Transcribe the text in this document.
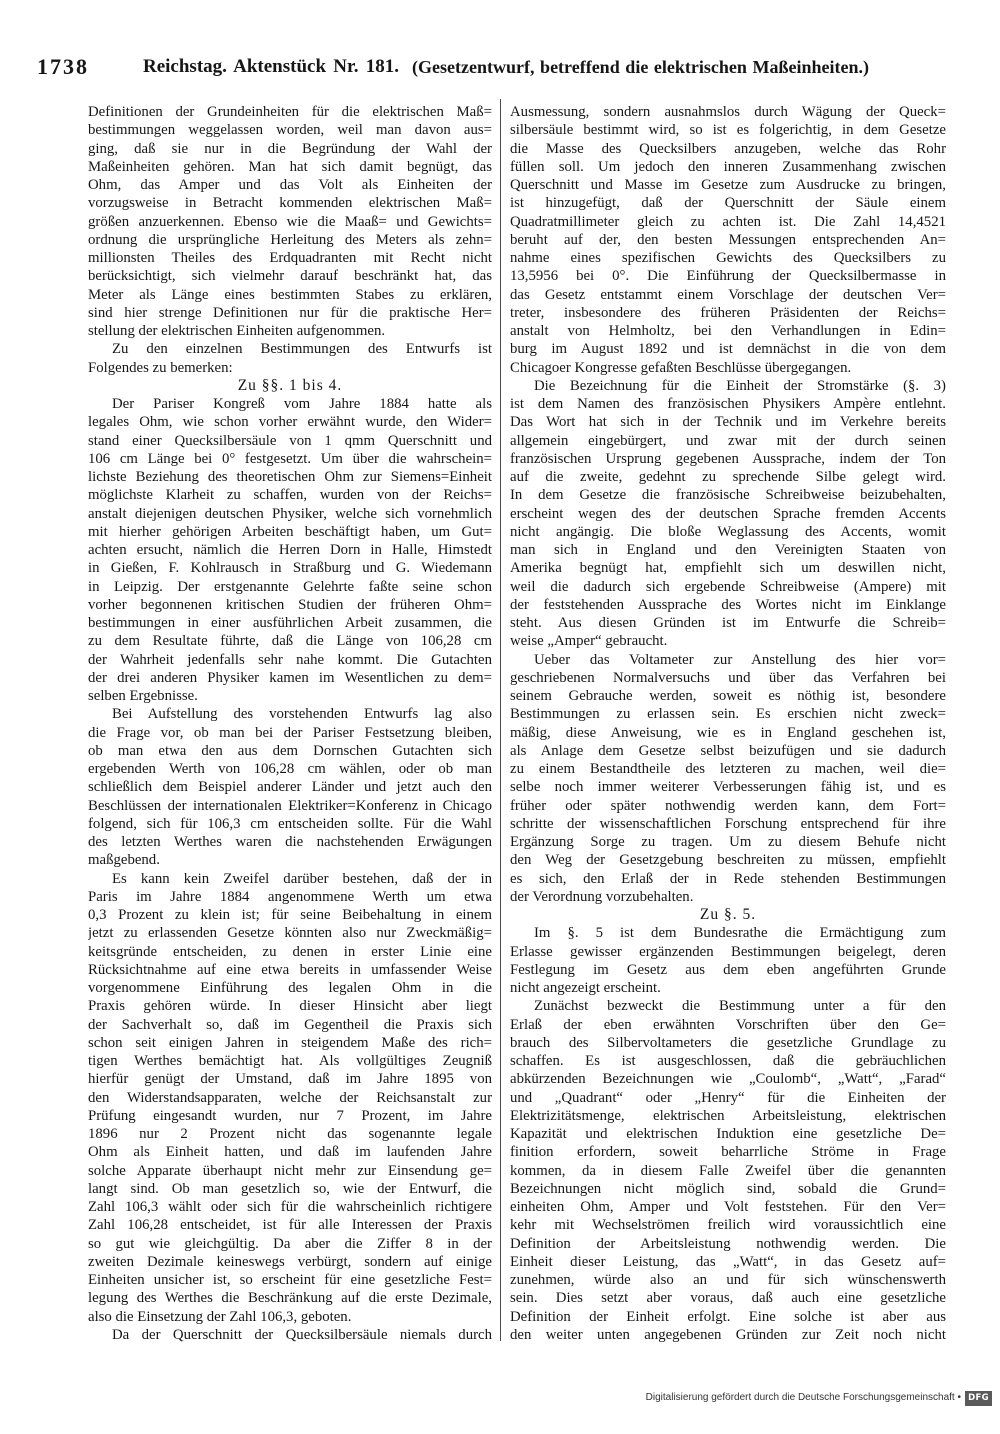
1738	Reichstag. Aktenstück Nr. 181. (Gesetzentwurf, betreffend die elektrischen Maßeinheiten.)
Definitionen der Grundeinheiten für die elektrischen Maß=
bestimmungen weggelassen worden, weil man davon aus=
ging, daß sie nur in die Begründung der Wahl der
Maßeinheiten gehören. Man hat sich damit begnügt, das
Ohm, das Amper und das Volt als Einheiten der
vorzugsweise in Betracht kommenden elektrischen Maß=
größen anzuerkennen. Ebenso wie die Maaß= und Gewichts=
ordnung die ursprüngliche Herleitung des Meters als zehn=
millionsten Theiles des Erdquadranten mit Recht nicht
berücksichtigt, sich vielmehr darauf beschränkt hat, das
Meter als Länge eines bestimmten Stabes zu erklären,
sind hier strenge Definitionen nur für die praktische Her=
stellung der elektrischen Einheiten aufgenommen.
Zu den einzelnen Bestimmungen des Entwurfs ist
Folgendes zu bemerken:
Zu §§. 1 bis 4.
Der Pariser Kongreß vom Jahre 1884 hatte als
legales Ohm, wie schon vorher erwähnt wurde, den Wider=
stand einer Quecksilbersäule von 1 qmm Querschnitt und
106 cm Länge bei 0° festgesetzt. Um über die wahrschein=
lichste Beziehung des theoretischen Ohm zur Siemens=Einheit
möglichste Klarheit zu schaffen, wurden von der Reichs=
anstalt diejenigen deutschen Physiker, welche sich vornehmlich
mit hierher gehörigen Arbeiten beschäftigt haben, um Gut=
achten ersucht, nämlich die Herren Dorn in Halle, Himstedt
in Gießen, F. Kohlrausch in Straßburg und G. Wiedemann
in Leipzig. Der erstgenannte Gelehrte faßte seine schon
vorher begonnenen kritischen Studien der früheren Ohm=
bestimmungen in einer ausführlichen Arbeit zusammen, die
zu dem Resultate führte, daß die Länge von 106,28 cm
der Wahrheit jedenfalls sehr nahe kommt. Die Gutachten
der drei anderen Physiker kamen im Wesentlichen zu dem=
selben Ergebnisse.
Bei Aufstellung des vorstehenden Entwurfs lag also
die Frage vor, ob man bei der Pariser Festsetzung bleiben,
ob man etwa den aus dem Dornschen Gutachten sich
ergebenden Werth von 106,28 cm wählen, oder ob man
schließlich dem Beispiel anderer Länder und jetzt auch den
Beschlüssen der internationalen Elektriker=Konferenz in Chicago
folgend, sich für 106,3 cm entscheiden sollte. Für die Wahl
des letzten Werthes waren die nachstehenden Erwägungen
maßgebend.
Es kann kein Zweifel darüber bestehen, daß der in
Paris im Jahre 1884 angenommene Werth um etwa
0,3 Prozent zu klein ist; für seine Beibehaltung in einem
jetzt zu erlassenden Gesetze könnten also nur Zweckmäßig=
keitsgründe entscheiden, zu denen in erster Linie eine
Rücksichtnahme auf eine etwa bereits in umfassender Weise
vorgenommene Einführung des legalen Ohm in die
Praxis gehören würde. In dieser Hinsicht aber liegt
der Sachverhalt so, daß im Gegentheil die Praxis sich
schon seit einigen Jahren in steigendem Maße des rich=
tigen Werthes bemächtigt hat. Als vollgültiges Zeugniß
hierfür genügt der Umstand, daß im Jahre 1895 von
den Widerstandsapparaten, welche der Reichsanstalt zur
Prüfung eingesandt wurden, nur 7 Prozent, im Jahre
1896 nur 2 Prozent nicht das sogenannte legale
Ohm als Einheit hatten, und daß im laufenden Jahre
solche Apparate überhaupt nicht mehr zur Einsendung ge=
langt sind. Ob man gesetzlich so, wie der Entwurf, die
Zahl 106,3 wählt oder sich für die wahrscheinlich richtigere
Zahl 106,28 entscheidet, ist für alle Interessen der Praxis
so gut wie gleichgültig. Da aber die Ziffer 8 in der
zweiten Dezimale keineswegs verbürgt, sondern auf einige
Einheiten unsicher ist, so erscheint für eine gesetzliche Fest=
legung des Werthes die Beschränkung auf die erste Dezimale,
also die Einsetzung der Zahl 106,3, geboten.
Da der Querschnitt der Quecksilbersäule niemals durch
Ausmessung, sondern ausnahmslos durch Wägung der Queck=
silbersäule bestimmt wird, so ist es folgerichtig, in dem Gesetze
die Masse des Quecksilbers anzugeben, welche das Rohr
füllen soll. Um jedoch den inneren Zusammenhang zwischen
Querschnitt und Masse im Gesetze zum Ausdrucke zu bringen,
ist hinzugefügt, daß der Querschnitt der Säule einem
Quadratmillimeter gleich zu achten ist. Die Zahl 14,4521
beruht auf der, den besten Messungen entsprechenden An=
nahme eines spezifischen Gewichts des Quecksilbers zu
13,5956 bei 0°. Die Einführung der Quecksilbermasse in
das Gesetz entstammt einem Vorschlage der deutschen Ver=
treter, insbesondere des früheren Präsidenten der Reichs=
anstalt von Helmholtz, bei den Verhandlungen in Edin=
burg im August 1892 und ist demnächst in die von dem
Chicagoer Kongresse gefaßten Beschlüsse übergegangen.
Die Bezeichnung für die Einheit der Stromstärke (§. 3)
ist dem Namen des französischen Physikers Ampère entlehnt.
Das Wort hat sich in der Technik und im Verkehre bereits
allgemein eingebürgert, und zwar mit der durch seinen
französischen Ursprung gegebenen Aussprache, indem der Ton
auf die zweite, gedehnt zu sprechende Silbe gelegt wird.
In dem Gesetze die französische Schreibweise beizubehalten,
erscheint wegen des der deutschen Sprache fremden Accents
nicht angängig. Die bloße Weglassung des Accents, womit
man sich in England und den Vereinigten Staaten von
Amerika begnügt hat, empfiehlt sich um deswillen nicht,
weil die dadurch sich ergebende Schreibweise (Ampere) mit
der feststehenden Aussprache des Wortes nicht im Einklange
steht. Aus diesen Gründen ist im Entwurfe die Schreib=
weise „Amper“ gebraucht.
Ueber das Voltameter zur Anstellung des hier vor=
geschriebenen Normalversuchs und über das Verfahren bei
seinem Gebrauche werden, soweit es nöthig ist, besondere
Bestimmungen zu erlassen sein. Es erschien nicht zweck=
mäßig, diese Anweisung, wie es in England geschehen ist,
als Anlage dem Gesetze selbst beizufügen und sie dadurch
zu einem Bestandtheile des letzteren zu machen, weil die=
selbe noch immer weiterer Verbesserungen fähig ist, und es
früher oder später nothwendig werden kann, dem Fort=
schritte der wissenschaftlichen Forschung entsprechend für ihre
Ergänzung Sorge zu tragen. Um zu diesem Behufe nicht
den Weg der Gesetzgebung beschreiten zu müssen, empfiehlt
es sich, den Erlaß der in Rede stehenden Bestimmungen
der Verordnung vorzubehalten.
Zu §. 5.
Im §. 5 ist dem Bundesrathe die Ermächtigung zum
Erlasse gewisser ergänzenden Bestimmungen beigelegt, deren
Festlegung im Gesetz aus dem eben angeführten Grunde
nicht angezeigt erscheint.
Zunächst bezweckt die Bestimmung unter a für den
Erlaß der eben erwähnten Vorschriften über den Ge=
brauch des Silbervoltameters die gesetzliche Grundlage zu
schaffen. Es ist ausgeschlossen, daß die gebräuchlichen
abkürzenden Bezeichnungen wie „Coulomb“, „Watt“, „Farad“
und „Quadrant“ oder „Henry“ für die Einheiten der
Elektrizitätsmenge, elektrischen Arbeitsleistung, elektrischen
Kapazität und elektrischen Induktion eine gesetzliche De=
finition erfordern, soweit beharrliche Ströme in Frage
kommen, da in diesem Falle Zweifel über die genannten
Bezeichnungen nicht möglich sind, sobald die Grund=
einheiten Ohm, Amper und Volt feststehen. Für den Ver=
kehr mit Wechselströmen freilich wird voraussichtlich eine
Definition der Arbeitsleistung nothwendig werden. Die
Einheit dieser Leistung, das „Watt“, in das Gesetz auf=
zunehmen, würde also an und für sich wünschenswerth
sein. Dies setzt aber voraus, daß auch eine gesetzliche
Definition der Einheit erfolgt. Eine solche ist aber aus
den weiter unten angegebenen Gründen zur Zeit noch nicht
Digitalisierung gefördert durch die Deutsche Forschungsgemeinschaft • DFG
